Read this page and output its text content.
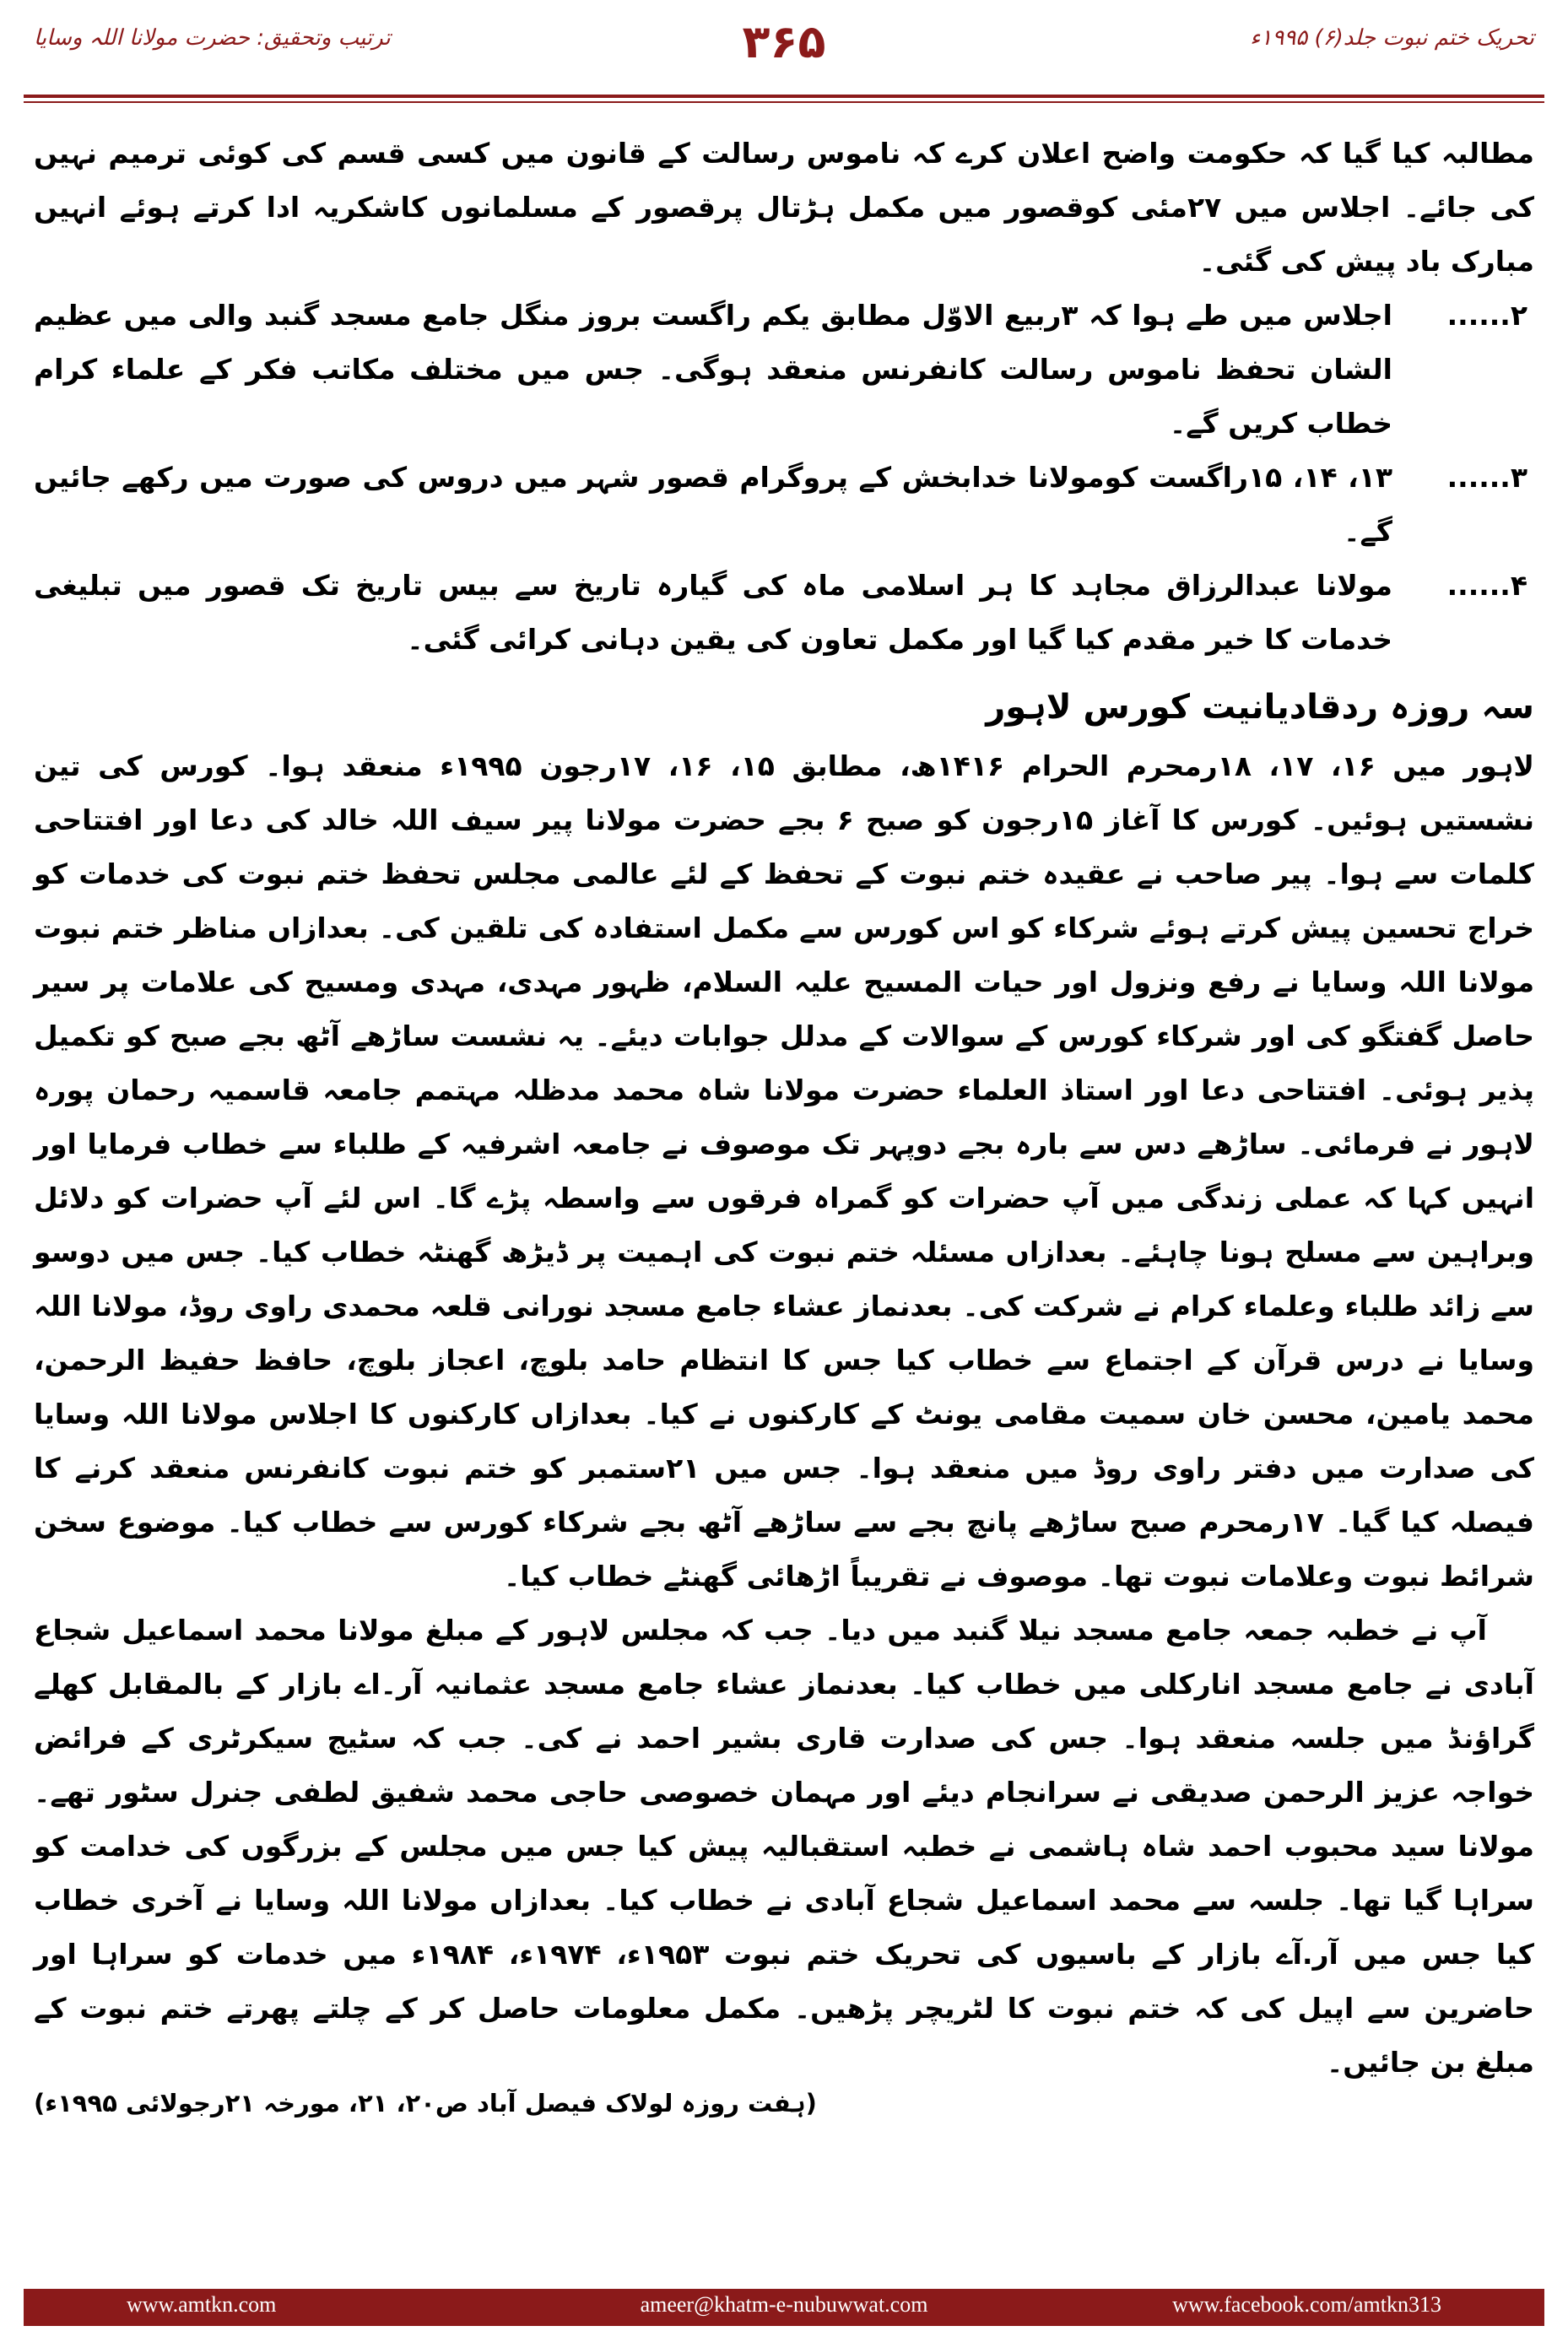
ترتیب وتحقیق: حضرت مولانا اللہ وسایا	۳۶۵	تحریک ختم نبوت جلد(۶) ۱۹۹۵ء

مطالبہ کیا گیا کہ حکومت واضح اعلان کرے کہ ناموس رسالت کے قانون میں کسی قسم کی کوئی ترمیم نہیں کی جائے۔ اجلاس میں ۲۷مئی کوقصور میں مکمل ہڑتال پرقصور کے مسلمانوں کاشکریہ ادا کرتے ہوئے انہیں مبارک باد پیش کی گئی۔

۲......
اجلاس میں طے ہوا کہ ۳ربیع الاوّل مطابق یکم راگست بروز منگل جامع مسجد گنبد والی میں عظیم الشان تحفظ ناموس رسالت کانفرنس منعقد ہوگی۔ جس میں مختلف مکاتب فکر کے علماء کرام خطاب کریں گے۔
۳......
۱۳، ۱۴، ۱۵راگست کومولانا خدابخش کے پروگرام قصور شہر میں دروس کی صورت میں رکھے جائیں گے۔
۴......
مولانا عبدالرزاق مجاہد کا ہر اسلامی ماہ کی گیارہ تاریخ سے بیس تاریخ تک قصور میں تبلیغی خدمات کا خیر مقدم کیا گیا اور مکمل تعاون کی یقین دہانی کرائی گئی۔
سہ روزہ ردقادیانیت کورس لاہور

لاہور میں ۱۶، ۱۷، ۱۸رمحرم الحرام ۱۴۱۶ھ، مطابق ۱۵، ۱۶، ۱۷رجون ۱۹۹۵ء منعقد ہوا۔ کورس کی تین نشستیں ہوئیں۔ کورس کا آغاز ۱۵رجون کو صبح ۶ بجے حضرت مولانا پیر سیف اللہ خالد کی دعا اور افتتاحی کلمات سے ہوا۔ پیر صاحب نے عقیدہ ختم نبوت کے تحفظ کے لئے عالمی مجلس تحفظ ختم نبوت کی خدمات کو خراج تحسین پیش کرتے ہوئے شرکاء کو اس کورس سے مکمل استفادہ کی تلقین کی۔ بعدازاں مناظر ختم نبوت مولانا اللہ وسایا نے رفع ونزول اور حیات المسیح علیہ السلام، ظہور مہدی، مہدی ومسیح کی علامات پر سیر حاصل گفتگو کی اور شرکاء کورس کے سوالات کے مدلل جوابات دیئے۔ یہ نشست ساڑھے آٹھ بجے صبح کو تکمیل پذیر ہوئی۔ افتتاحی دعا اور استاذ العلماء حضرت مولانا شاہ محمد مدظلہ مہتمم جامعہ قاسمیہ رحمان پورہ لاہور نے فرمائی۔ ساڑھے دس سے بارہ بجے دوپہر تک موصوف نے جامعہ اشرفیہ کے طلباء سے خطاب فرمایا اور انہیں کہا کہ عملی زندگی میں آپ حضرات کو گمراہ فرقوں سے واسطہ پڑے گا۔ اس لئے آپ حضرات کو دلائل وبراہین سے مسلح ہونا چاہئے۔ بعدازاں مسئلہ ختم نبوت کی اہمیت پر ڈیڑھ گھنٹہ خطاب کیا۔ جس میں دوسو سے زائد طلباء وعلماء کرام نے شرکت کی۔ بعدنماز عشاء جامع مسجد نورانی قلعہ محمدی راوی روڈ، مولانا اللہ وسایا نے درس قرآن کے اجتماع سے خطاب کیا جس کا انتظام حامد بلوچ، اعجاز بلوچ، حافظ حفیظ الرحمن، محمد یامین، محسن خان سمیت مقامی یونٹ کے کارکنوں نے کیا۔ بعدازاں کارکنوں کا اجلاس مولانا اللہ وسایا کی صدارت میں دفتر راوی روڈ میں منعقد ہوا۔ جس میں ۲۱ستمبر کو ختم نبوت کانفرنس منعقد کرنے کا فیصلہ کیا گیا۔ ۱۷رمحرم صبح ساڑھے پانچ بجے سے ساڑھے آٹھ بجے شرکاء کورس سے خطاب کیا۔ موضوع سخن شرائط نبوت وعلامات نبوت تھا۔ موصوف نے تقریباً اڑھائی گھنٹے خطاب کیا۔

آپ نے خطبہ جمعہ جامع مسجد نیلا گنبد میں دیا۔ جب کہ مجلس لاہور کے مبلغ مولانا محمد اسماعیل شجاع آبادی نے جامع مسجد انارکلی میں خطاب کیا۔ بعدنماز عشاء جامع مسجد عثمانیہ آر۔اے بازار کے بالمقابل کھلے گراؤنڈ میں جلسہ منعقد ہوا۔ جس کی صدارت قاری بشیر احمد نے کی۔ جب کہ سٹیج سیکرٹری کے فرائض خواجہ عزیز الرحمن صدیقی نے سرانجام دیئے اور مہمان خصوصی حاجی محمد شفیق لطفی جنرل سٹور تھے۔ مولانا سید محبوب احمد شاہ ہاشمی نے خطبہ استقبالیہ پیش کیا جس میں مجلس کے بزرگوں کی خدامت کو سراہا گیا تھا۔ جلسہ سے محمد اسماعیل شجاع آبادی نے خطاب کیا۔ بعدازاں مولانا اللہ وسایا نے آخری خطاب کیا جس میں آر.آے بازار کے باسیوں کی تحریک ختم نبوت ۱۹۵۳ء، ۱۹۷۴ء، ۱۹۸۴ء میں خدمات کو سراہا اور حاضرین سے اپیل کی کہ ختم نبوت کا لٹریچر پڑھیں۔ مکمل معلومات حاصل کر کے چلتے پھرتے ختم نبوت کے مبلغ بن جائیں۔

(ہفت روزہ لولاک فیصل آباد ص۲۰، ۲۱، مورخہ ۲۱رجولائی ۱۹۹۵ء)
www.amtkn.com	ameer@khatm-e-nubuwwat.com	www.facebook.com/amtkn313
